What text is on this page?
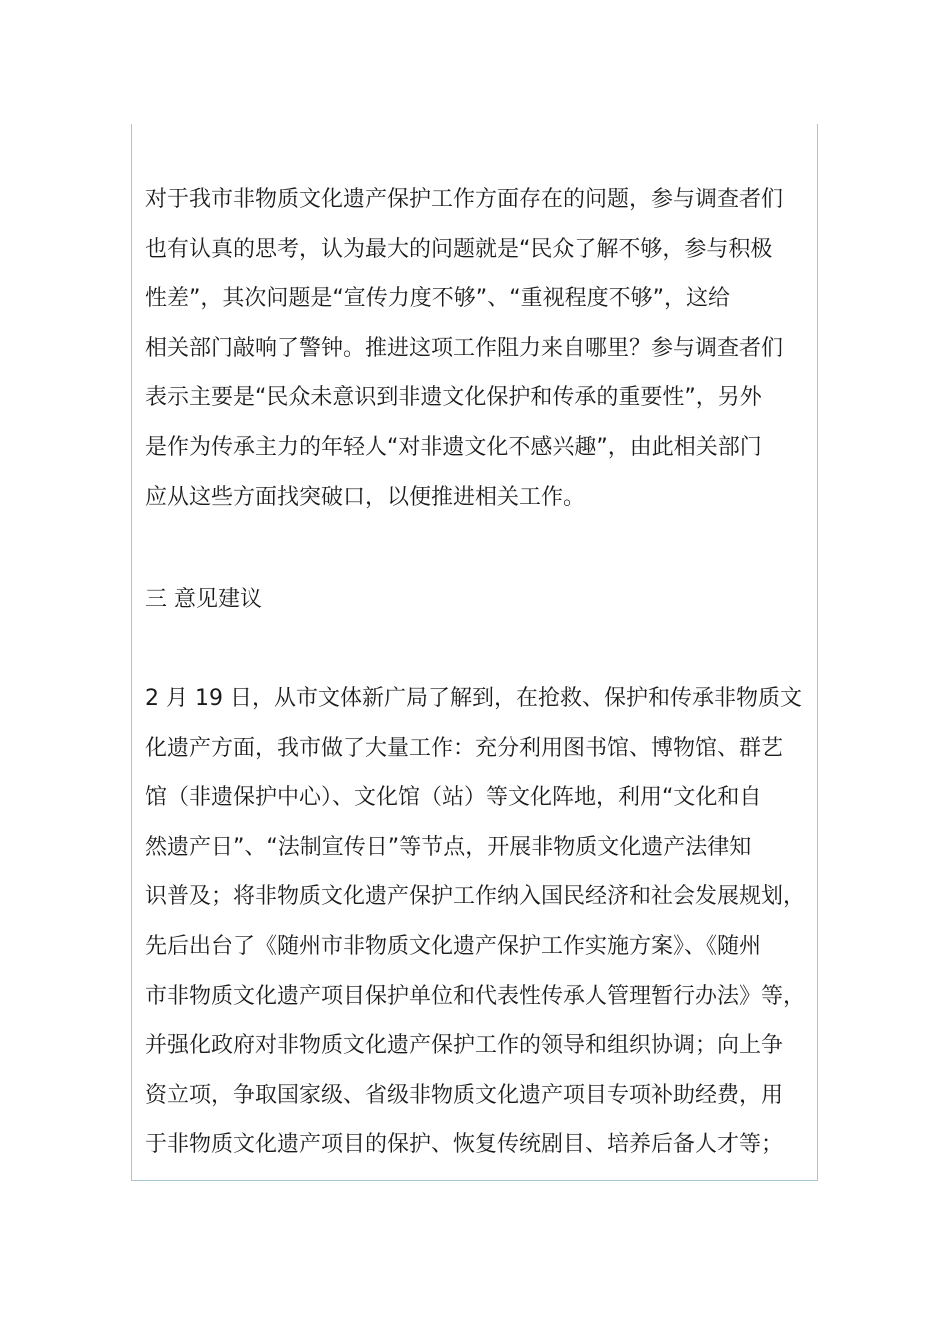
对于我市非物质文化遗产保护工作方面存在的问题，参与调查者们

也有认真的思考，认为最大的问题就是“民众了解不够，参与积极

性差”，其次问题是“宣传力度不够”、“重视程度不够”，这给

相关部门敲响了警钟。推进这项工作阻力来自哪里？参与调查者们

表示主要是“民众未意识到非遗文化保护和传承的重要性”，另外

是作为传承主力的年轻人“对非遗文化不感兴趣”，由此相关部门

应从这些方面找突破口，以便推进相关工作。

三 意见建议

2 月 19 日，从市文体新广局了解到，在抢救、保护和传承非物质文

化遗产方面，我市做了大量工作：充分利用图书馆、博物馆、群艺

馆（非遗保护中心）、文化馆（站）等文化阵地，利用“文化和自

然遗产日”、“法制宣传日”等节点，开展非物质文化遗产法律知

识普及；将非物质文化遗产保护工作纳入国民经济和社会发展规划，

先后出台了《随州市非物质文化遗产保护工作实施方案》、《随州

市非物质文化遗产项目保护单位和代表性传承人管理暂行办法》等，

并强化政府对非物质文化遗产保护工作的领导和组织协调；向上争

资立项，争取国家级、省级非物质文化遗产项目专项补助经费，用

于非物质文化遗产项目的保护、恢复传统剧目、培养后备人才等；
